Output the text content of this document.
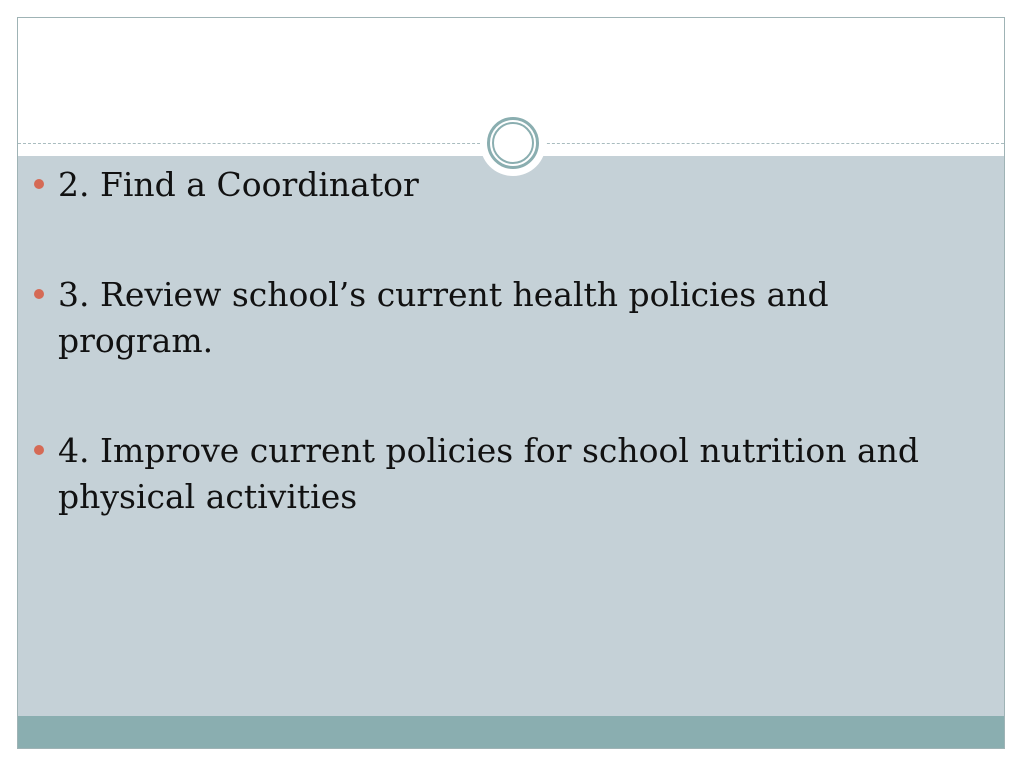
2. Find a Coordinator
3. Review school’s current health policies and program.
4. Improve current policies for school nutrition and physical activities
